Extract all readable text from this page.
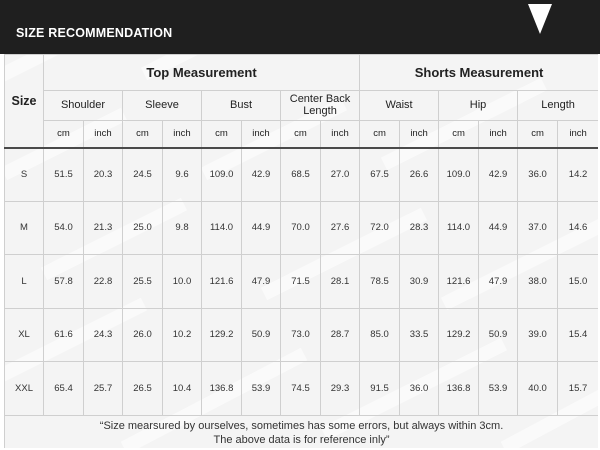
SIZE RECOMMENDATION
Size	Top Measurement								Shorts Measurement					
	Shoulder		Sleeve		Bust		Center Back Length		Waist		Hip		Length	
	cm	inch	cm	inch	cm	inch	cm	inch	cm	inch	cm	inch	cm	inch
S	51.5	20.3	24.5	9.6	109.0	42.9	68.5	27.0	67.5	26.6	109.0	42.9	36.0	14.2
M	54.0	21.3	25.0	9.8	114.0	44.9	70.0	27.6	72.0	28.3	114.0	44.9	37.0	14.6
L	57.8	22.8	25.5	10.0	121.6	47.9	71.5	28.1	78.5	30.9	121.6	47.9	38.0	15.0
XL	61.6	24.3	26.0	10.2	129.2	50.9	73.0	28.7	85.0	33.5	129.2	50.9	39.0	15.4
XXL	65.4	25.7	26.5	10.4	136.8	53.9	74.5	29.3	91.5	36.0	136.8	53.9	40.0	15.7

“Size mearsured by ourselves, sometimes has some errors, but always within 3cm.
The above data is for reference inly”														
